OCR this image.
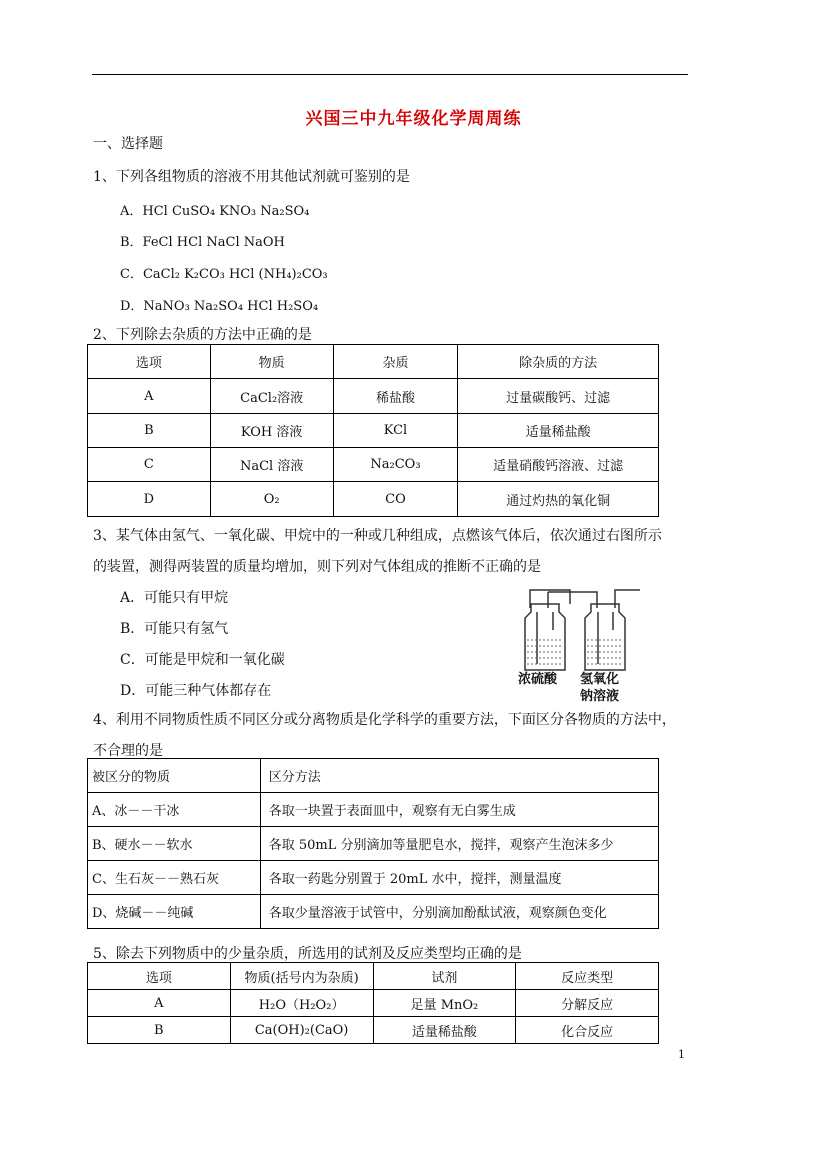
兴国三中九年级化学周周练
一、选择题
1、下列各组物质的溶液不用其他试剂就可鉴别的是
A．HCl CuSO₄ KNO₃ Na₂SO₄
B．FeCl HCl NaCl NaOH
C．CaCl₂ K₂CO₃ HCl (NH₄)₂CO₃
D．NaNO₃ Na₂SO₄ HCl H₂SO₄
2、下列除去杂质的方法中正确的是
选项	物质	杂质	除杂质的方法
A	CaCl₂溶液	稀盐酸	过量碳酸钙、过滤
B	KOH 溶液	KCl	适量稀盐酸
C	NaCl 溶液	Na₂CO₃	适量硝酸钙溶液、过滤
D	O₂	CO	通过灼热的氧化铜
3、某气体由氢气、一氧化碳、甲烷中的一种或几种组成，点燃该气体后，依次通过右图所示
的装置，测得两装置的质量均增加，则下列对气体组成的推断不正确的是
A．可能只有甲烷
B．可能只有氢气
C．可能是甲烷和一氧化碳
D．可能三种气体都存在
浓硫酸 氢氧化
钠溶液
4、利用不同物质性质不同区分或分离物质是化学科学的重要方法，下面区分各物质的方法中，
不合理的是
被区分的物质	区分方法
A、冰－－干冰	各取一块置于表面皿中，观察有无白雾生成
B、硬水－－软水	各取 50mL 分别滴加等量肥皂水，搅拌，观察产生泡沫多少
C、生石灰－－熟石灰	各取一药匙分别置于 20mL 水中，搅拌，测量温度
D、烧碱－－纯碱	各取少量溶液于试管中，分别滴加酚酞试液，观察颜色变化
5、除去下列物质中的少量杂质，所选用的试剂及反应类型均正确的是
选项	物质(括号内为杂质)	试剂	反应类型
A	H₂O（H₂O₂）	足量 MnO₂	分解反应
B	Ca(OH)₂(CaO)	适量稀盐酸	化合反应
1
